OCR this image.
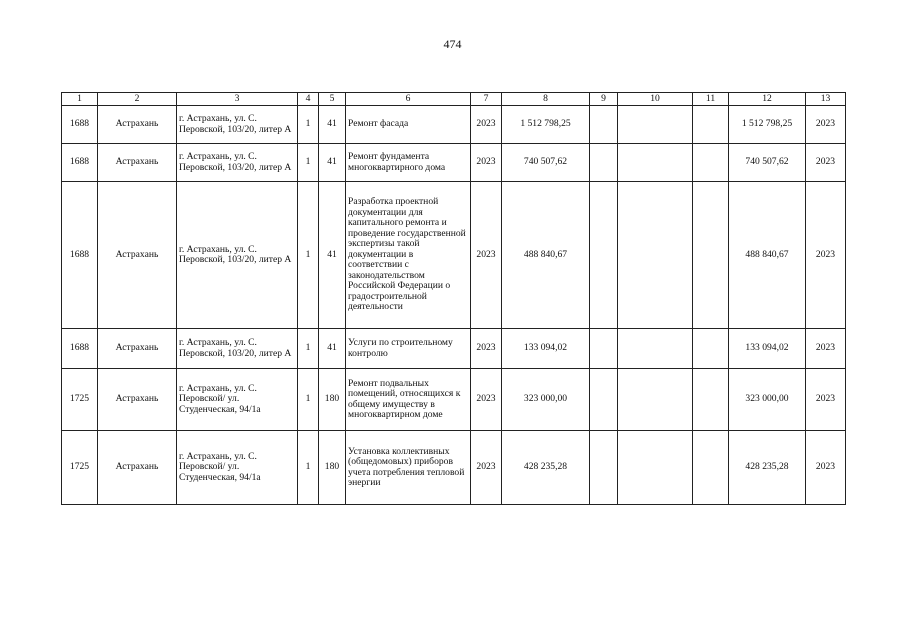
474
1	2	3	4	5	6	7	8	9	10	11	12	13
1688	Астрахань	г. Астрахань, ул. С. Перовской, 103/20, литер А	1	41	Ремонт фасада	2023	1 512 798,25				1 512 798,25	2023
1688	Астрахань	г. Астрахань, ул. С. Перовской, 103/20, литер А	1	41	Ремонт фундамента многоквартирного дома	2023	740 507,62				740 507,62	2023
1688	Астрахань	г. Астрахань, ул. С. Перовской, 103/20, литер А	1	41	Разработка проектной документации для капитального ремонта и проведение государственной экспертизы такой документации в соответствии с законодательством Российской Федерации о градостроительной деятельности	2023	488 840,67				488 840,67	2023
1688	Астрахань	г. Астрахань, ул. С. Перовской, 103/20, литер А	1	41	Услуги по строительному контролю	2023	133 094,02				133 094,02	2023
1725	Астрахань	г. Астрахань, ул. С. Перовской/ ул. Студенческая, 94/1а	1	180	Ремонт подвальных помещений, относящихся к общему имуществу в многоквартирном доме	2023	323 000,00				323 000,00	2023
1725	Астрахань	г. Астрахань, ул. С. Перовской/ ул. Студенческая, 94/1а	1	180	Установка коллективных (общедомовых) приборов учета потребления тепловой энергии	2023	428 235,28				428 235,28	2023
